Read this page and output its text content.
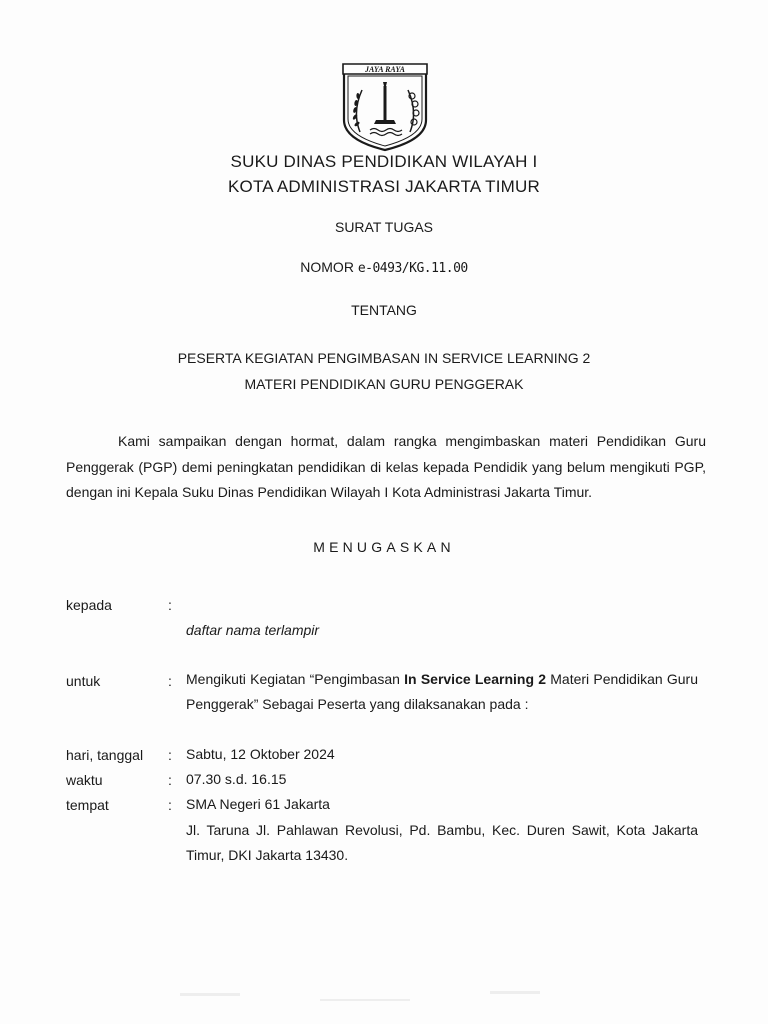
JAYA RAYA
SUKU DINAS PENDIDIKAN WILAYAH I
KOTA ADMINISTRASI JAKARTA TIMUR
SURAT TUGAS
NOMOR e-0493/KG.11.00
TENTANG
PESERTA KEGIATAN PENGIMBASAN IN SERVICE LEARNING 2
MATERI PENDIDIKAN GURU PENGGERAK
Kami sampaikan dengan hormat, dalam rangka mengimbaskan materi Pendidikan Guru Penggerak (PGP) demi peningkatan pendidikan di kelas kepada Pendidik yang belum mengikuti PGP, dengan ini Kepala Suku Dinas Pendidikan Wilayah I Kota Administrasi Jakarta Timur.
MENUGASKAN
kepada	:
daftar nama terlampir
untuk	: Mengikuti Kegiatan “Pengimbasan In Service Learning 2 Materi Pendidikan Guru Penggerak” Sebagai Peserta yang dilaksanakan pada :
hari, tanggal : Sabtu, 12 Oktober 2024
waktu	: 07.30 s.d. 16.15
tempat	: SMA Negeri 61 Jakarta
Jl. Taruna Jl. Pahlawan Revolusi, Pd. Bambu, Kec. Duren Sawit, Kota Jakarta Timur, DKI Jakarta 13430.
